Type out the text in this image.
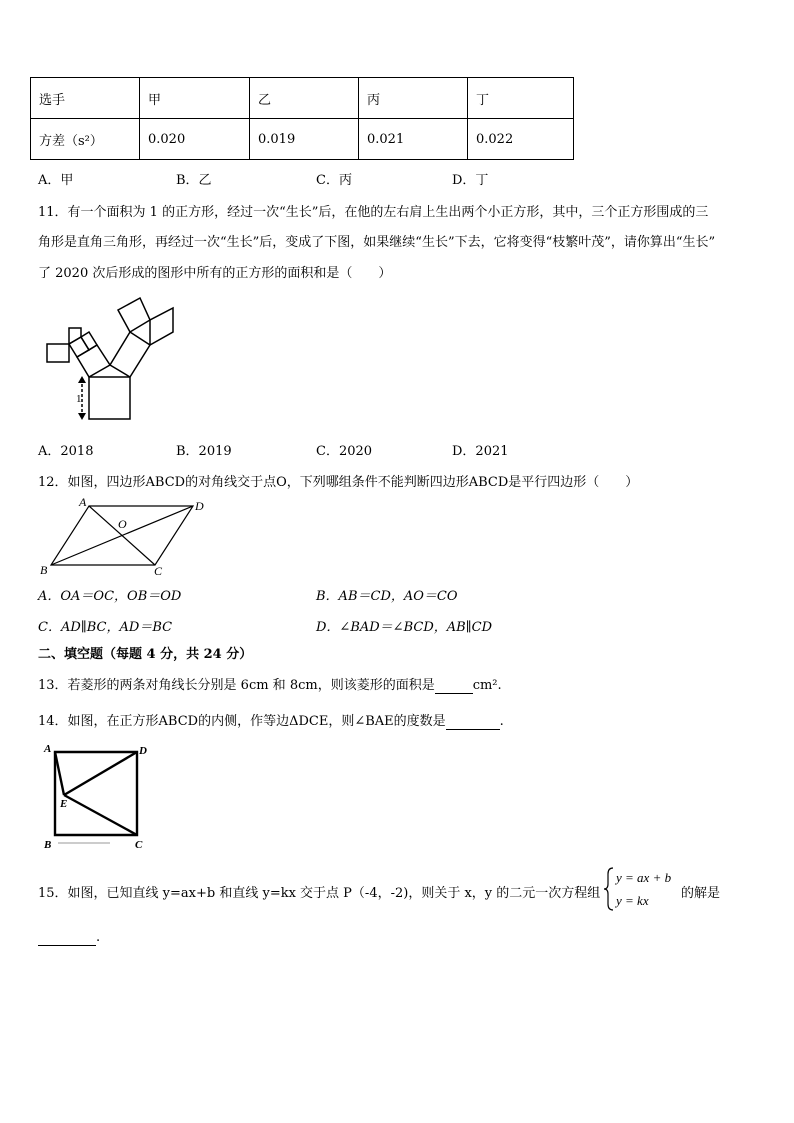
选手	甲	乙	丙	丁
方差（s²）	0.020	0.019	0.021	0.022
A．甲	B．乙	C．丙	D．丁
11．有一个面积为 1 的正方形，经过一次“生长”后，在他的左右肩上生出两个小正方形，其中，三个正方形围成的三
角形是直角三角形，再经过一次“生长”后，变成了下图，如果继续“生长”下去，它将变得“枝繁叶茂”，请你算出“生长”
了 2020 次后形成的图形中所有的正方形的面积和是（　　）
1
A．2018	B．2019	C．2020	D．2021
12．如图，四边形ABCD的对角线交于点O，下列哪组条件不能判断四边形ABCD是平行四边形（　　）
A	D
B	C
O
A．OA＝OC，OB＝OD	B．AB＝CD，AO＝CO
C．AD∥BC，AD＝BC	D．∠BAD＝∠BCD，AB∥CD
二、填空题（每题 4 分，共 24 分）
13．若菱形的两条对角线长分别是 6cm 和 8cm，则该菱形的面积是	cm².
14．如图，在正方形ABCD的内侧，作等边ΔDCE，则∠BAE的度数是	.
A	D
E
B	C
15．如图，已知直线 y=ax+b 和直线 y=kx 交于点 P（-4，-2)，则关于 x，y 的二元一次方程组
y = ax + b
y = kx 的解是
.
